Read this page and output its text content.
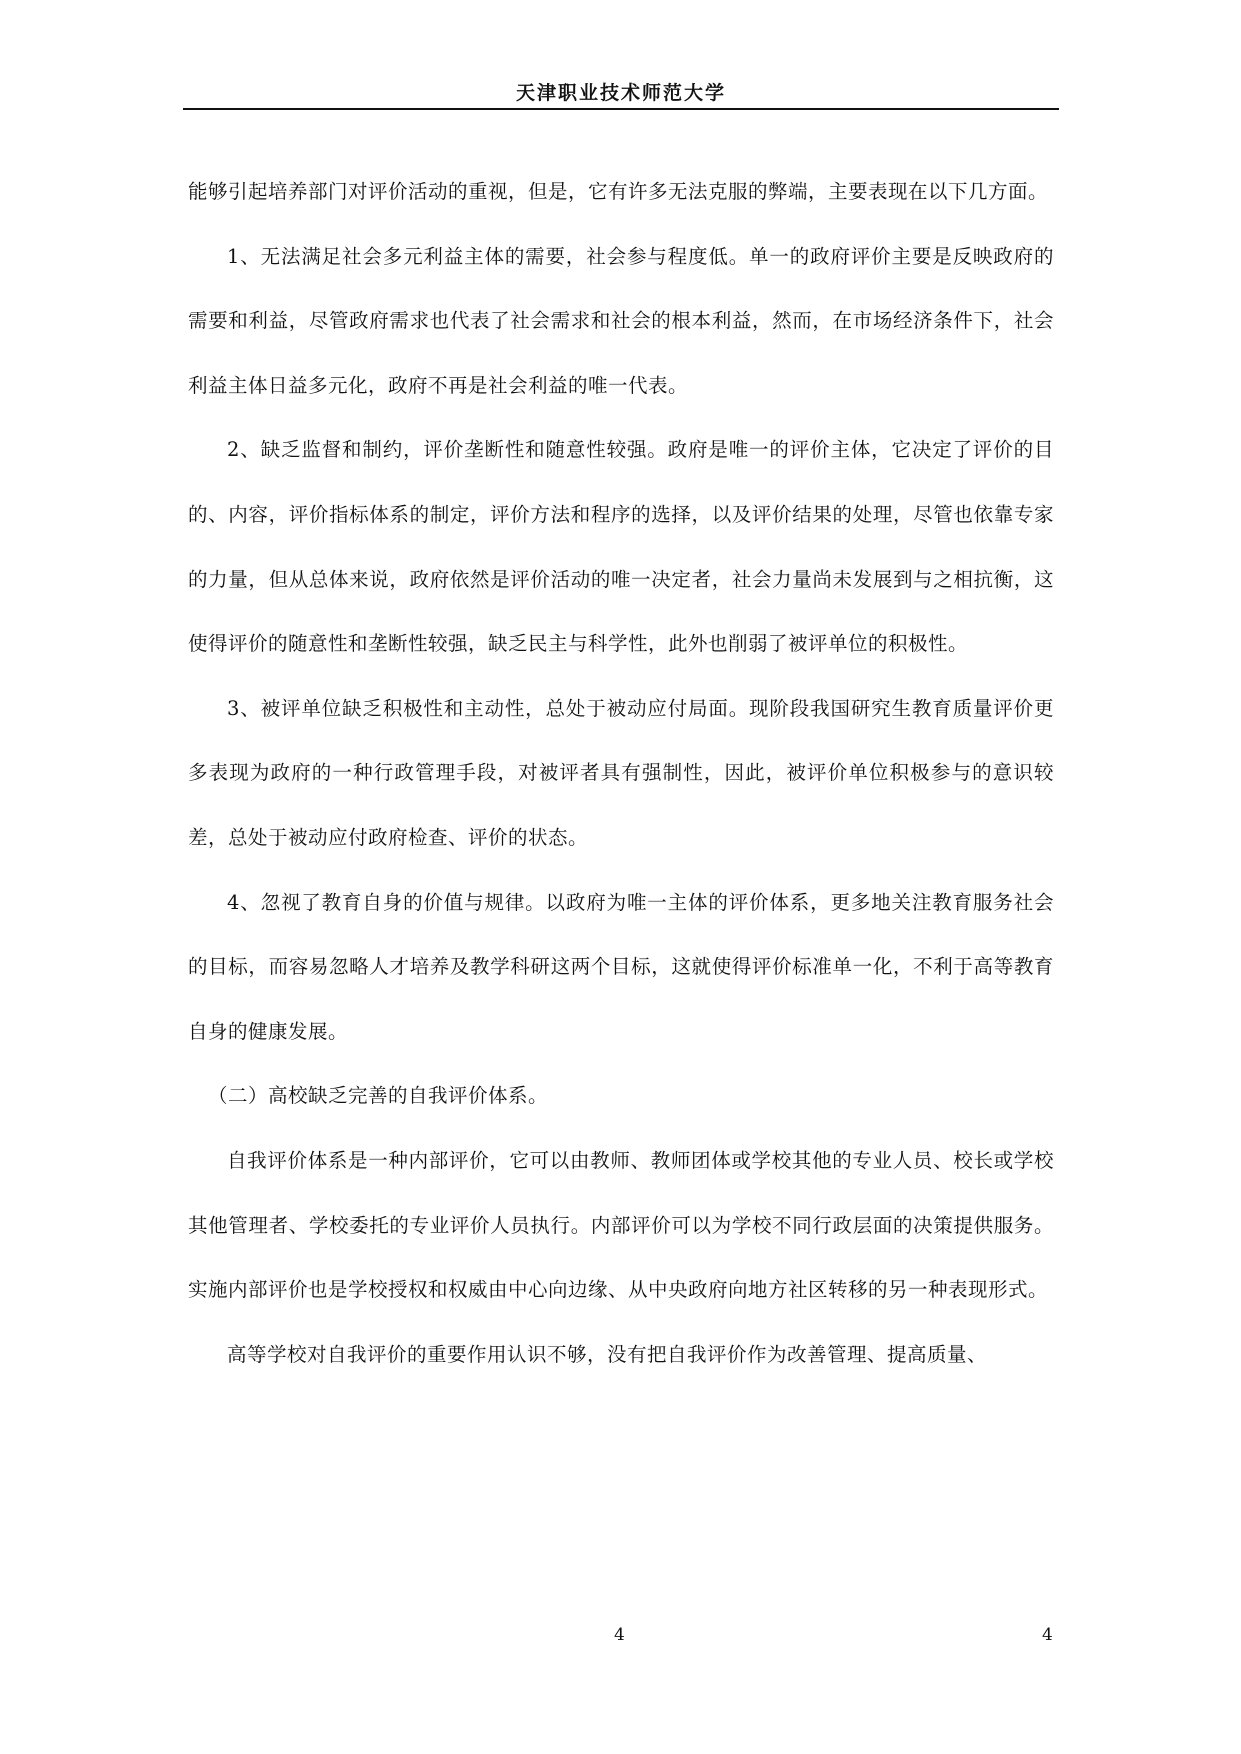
天津职业技术师范大学

能够引起培养部门对评价活动的重视，但是，它有许多无法克服的弊端，主要表现在以下几方面。

1、无法满足社会多元利益主体的需要，社会参与程度低。单一的政府评价主要是反映政府的需要和利益，尽管政府需求也代表了社会需求和社会的根本利益，然而，在市场经济条件下，社会利益主体日益多元化，政府不再是社会利益的唯一代表。

2、缺乏监督和制约，评价垄断性和随意性较强。政府是唯一的评价主体，它决定了评价的目的、内容，评价指标体系的制定，评价方法和程序的选择，以及评价结果的处理，尽管也依靠专家的力量，但从总体来说，政府依然是评价活动的唯一决定者，社会力量尚未发展到与之相抗衡，这使得评价的随意性和垄断性较强，缺乏民主与科学性，此外也削弱了被评单位的积极性。

3、被评单位缺乏积极性和主动性，总处于被动应付局面。现阶段我国研究生教育质量评价更多表现为政府的一种行政管理手段，对被评者具有强制性，因此，被评价单位积极参与的意识较差，总处于被动应付政府检查、评价的状态。

4、忽视了教育自身的价值与规律。以政府为唯一主体的评价体系，更多地关注教育服务社会的目标，而容易忽略人才培养及教学科研这两个目标，这就使得评价标准单一化，不利于高等教育自身的健康发展。

（二）高校缺乏完善的自我评价体系。

自我评价体系是一种内部评价，它可以由教师、教师团体或学校其他的专业人员、校长或学校其他管理者、学校委托的专业评价人员执行。内部评价可以为学校不同行政层面的决策提供服务。实施内部评价也是学校授权和权威由中心向边缘、从中央政府向地方社区转移的另一种表现形式。

高等学校对自我评价的重要作用认识不够，没有把自我评价作为改善管理、提高质量、

4	4
